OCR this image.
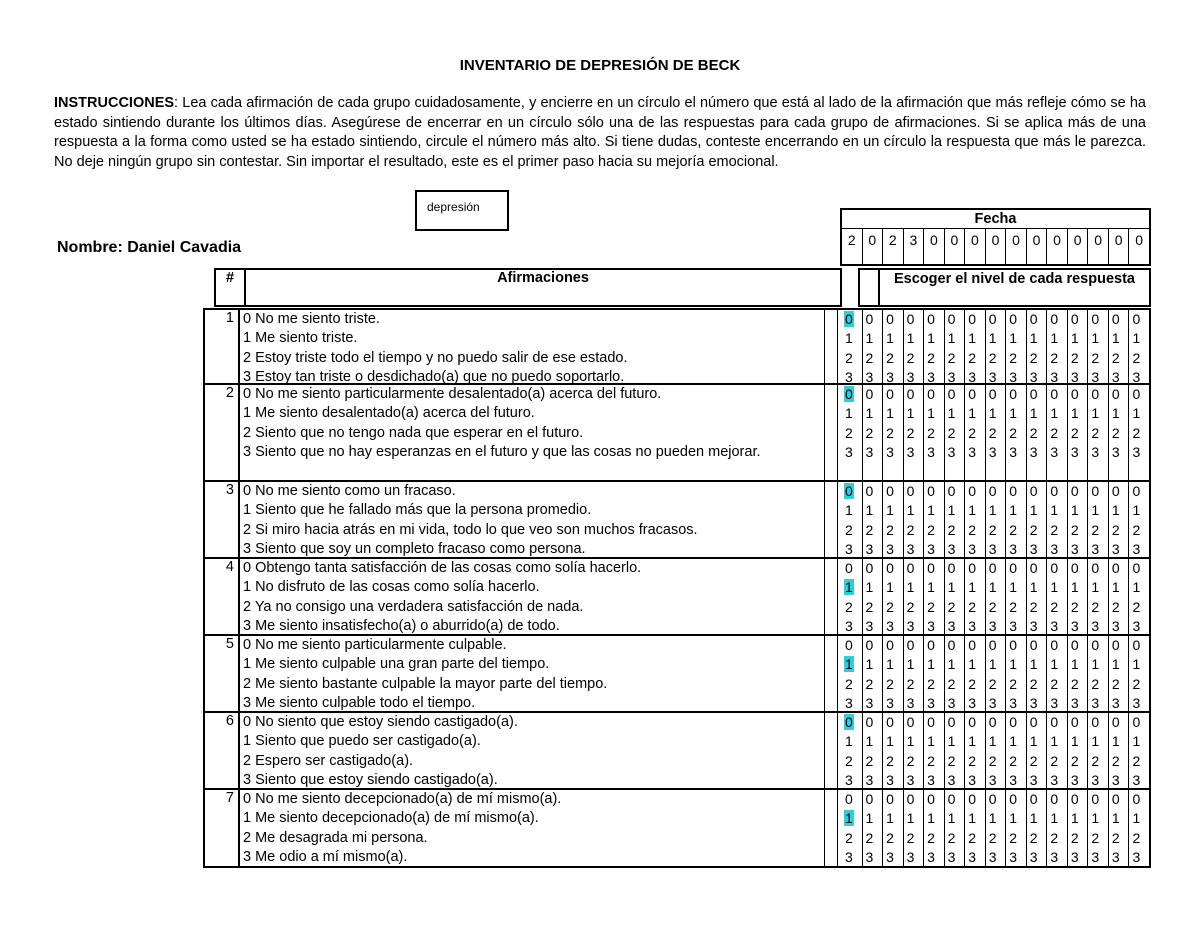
INVENTARIO DE DEPRESIÓN DE BECK
INSTRUCCIONES: Lea cada afirmación de cada grupo cuidadosamente, y encierre en un círculo el número que está al lado de la afirmación que más refleje cómo se ha estado sintiendo durante los últimos días. Asegúrese de encerrar en un círculo sólo una de las respuestas para cada grupo de afirmaciones. Si se aplica más de una respuesta a la forma como usted se ha estado sintiendo, circule el número más alto. Si tiene dudas, conteste encerrando en un círculo la respuesta que más le parezca. No deje ningún grupo sin contestar. Sin importar el resultado, este es el primer paso hacia su mejoría emocional.
depresión
Nombre: Daniel Cavadia
Fecha
2 0 2 3 0 0 0 0 0 0 0 0 0 0 0
#	Afirmaciones	Escoger el nivel de cada respuesta
1 0 No me siento triste.
1 Me siento triste.
2 Estoy triste todo el tiempo y no puedo salir de ese estado.
3 Estoy tan triste o desdichado(a) que no puedo soportarlo.
0
1
2
3
0
1
2
3
0
1
2
3
0
1
2
3
0
1
2
3
0
1
2
3
0
1
2
3
0
1
2
3
0
1
2
3
0
1
2
3
0
1
2
3
0
1
2
3
0
1
2
3
0
1
2
3
0
1
2
3
2 0 No me siento particularmente desalentado(a) acerca del futuro.
1 Me siento desalentado(a) acerca del futuro.
2 Siento que no tengo nada que esperar en el futuro.
3 Siento que no hay esperanzas en el futuro y que las cosas no pueden mejorar.
0
1
2
3
0
1
2
3
0
1
2
3
0
1
2
3
0
1
2
3
0
1
2
3
0
1
2
3
0
1
2
3
0
1
2
3
0
1
2
3
0
1
2
3
0
1
2
3
0
1
2
3
0
1
2
3
0
1
2
3
3 0 No me siento como un fracaso.
1 Siento que he fallado más que la persona promedio.
2 Si miro hacia atrás en mi vida, todo lo que veo son muchos fracasos.
3 Siento que soy un completo fracaso como persona.
0
1
2
3
0
1
2
3
0
1
2
3
0
1
2
3
0
1
2
3
0
1
2
3
0
1
2
3
0
1
2
3
0
1
2
3
0
1
2
3
0
1
2
3
0
1
2
3
0
1
2
3
0
1
2
3
0
1
2
3
4 0 Obtengo tanta satisfacción de las cosas como solía hacerlo.
1 No disfruto de las cosas como solía hacerlo.
2 Ya no consigo una verdadera satisfacción de nada.
3 Me siento insatisfecho(a) o aburrido(a) de todo.
0
1
2
3
0
1
2
3
0
1
2
3
0
1
2
3
0
1
2
3
0
1
2
3
0
1
2
3
0
1
2
3
0
1
2
3
0
1
2
3
0
1
2
3
0
1
2
3
0
1
2
3
0
1
2
3
0
1
2
3
5 0 No me siento particularmente culpable.
1 Me siento culpable una gran parte del tiempo.
2 Me siento bastante culpable la mayor parte del tiempo.
3 Me siento culpable todo el tiempo.
0
1
2
3
0
1
2
3
0
1
2
3
0
1
2
3
0
1
2
3
0
1
2
3
0
1
2
3
0
1
2
3
0
1
2
3
0
1
2
3
0
1
2
3
0
1
2
3
0
1
2
3
0
1
2
3
0
1
2
3
6 0 No siento que estoy siendo castigado(a).
1 Siento que puedo ser castigado(a).
2 Espero ser castigado(a).
3 Siento que estoy siendo castigado(a).
0
1
2
3
0
1
2
3
0
1
2
3
0
1
2
3
0
1
2
3
0
1
2
3
0
1
2
3
0
1
2
3
0
1
2
3
0
1
2
3
0
1
2
3
0
1
2
3
0
1
2
3
0
1
2
3
0
1
2
3
7 0 No me siento decepcionado(a) de mí mismo(a).
1 Me siento decepcionado(a) de mí mismo(a).
2 Me desagrada mi persona.
3 Me odio a mí mismo(a).
0
1
2
3
0
1
2
3
0
1
2
3
0
1
2
3
0
1
2
3
0
1
2
3
0
1
2
3
0
1
2
3
0
1
2
3
0
1
2
3
0
1
2
3
0
1
2
3
0
1
2
3
0
1
2
3
0
1
2
3
